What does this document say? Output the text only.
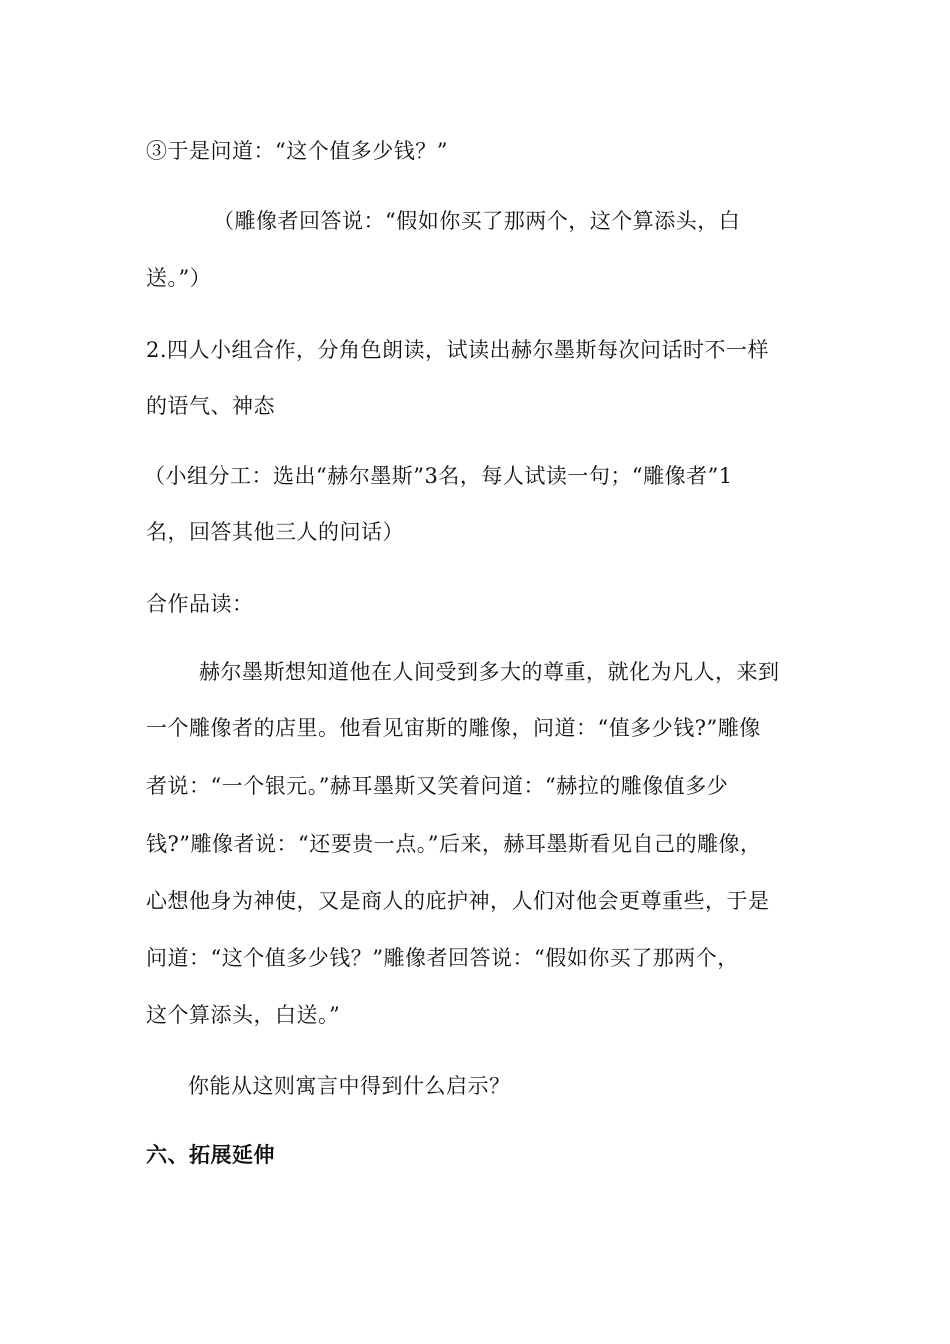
③于是问道：“这个值多少钱？”
（雕像者回答说：“假如你买了那两个，这个算添头，白
送。”）
2.四人小组合作，分角色朗读，试读出赫尔墨斯每次问话时不一样
的语气、神态
（小组分工：选出“赫尔墨斯”3名，每人试读一句；“雕像者”1
名，回答其他三人的问话）
合作品读：
赫尔墨斯想知道他在人间受到多大的尊重，就化为凡人，来到
一个雕像者的店里。他看见宙斯的雕像，问道：“值多少钱?”雕像
者说：“一个银元。”赫耳墨斯又笑着问道：“赫拉的雕像值多少
钱?”雕像者说：“还要贵一点。”后来，赫耳墨斯看见自己的雕像，
心想他身为神使，又是商人的庇护神，人们对他会更尊重些，于是
问道：“这个值多少钱？”雕像者回答说：“假如你买了那两个，
这个算添头，白送。”
你能从这则寓言中得到什么启示？
六、拓展延伸
